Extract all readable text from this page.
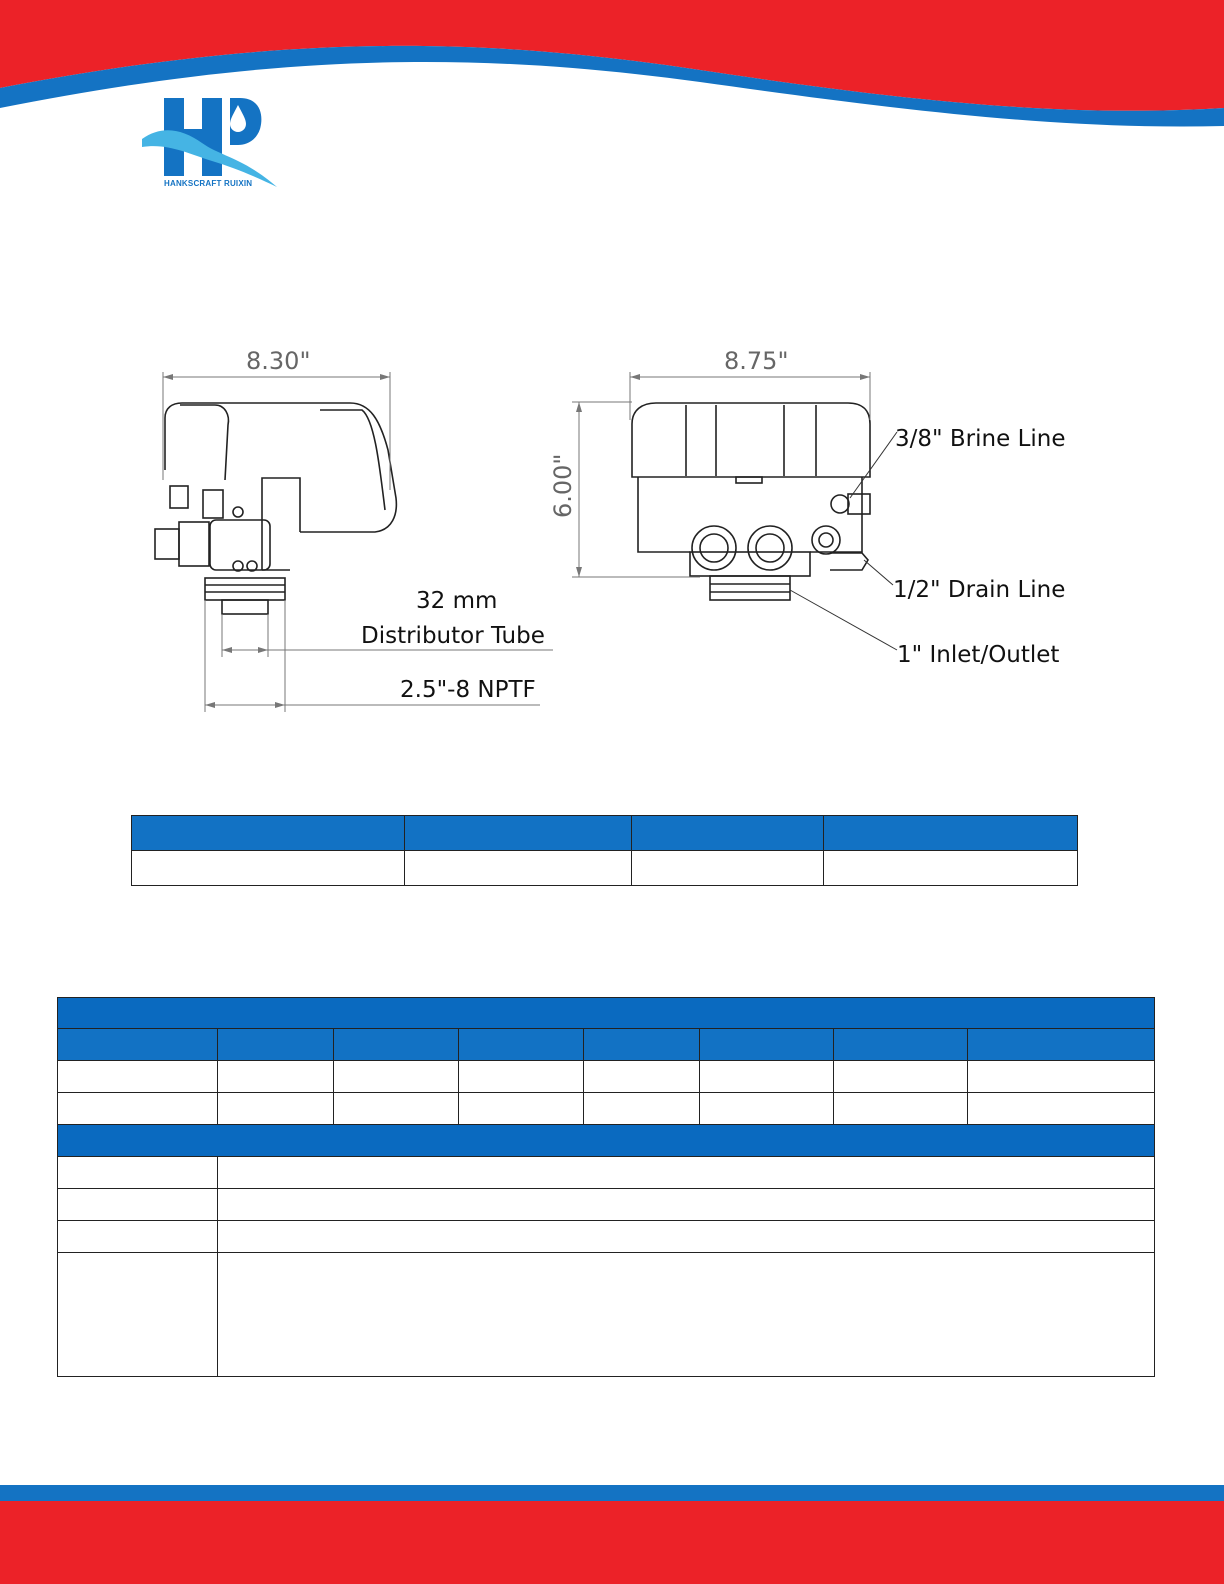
HANKSCRAFT RUIXIN
8.30"	8.75"
6.00"
32 mm
Distributor Tube
2.5"-8 NPTF
3/8" Brine Line
1/2" Drain Line
1" Inlet/Outlet
